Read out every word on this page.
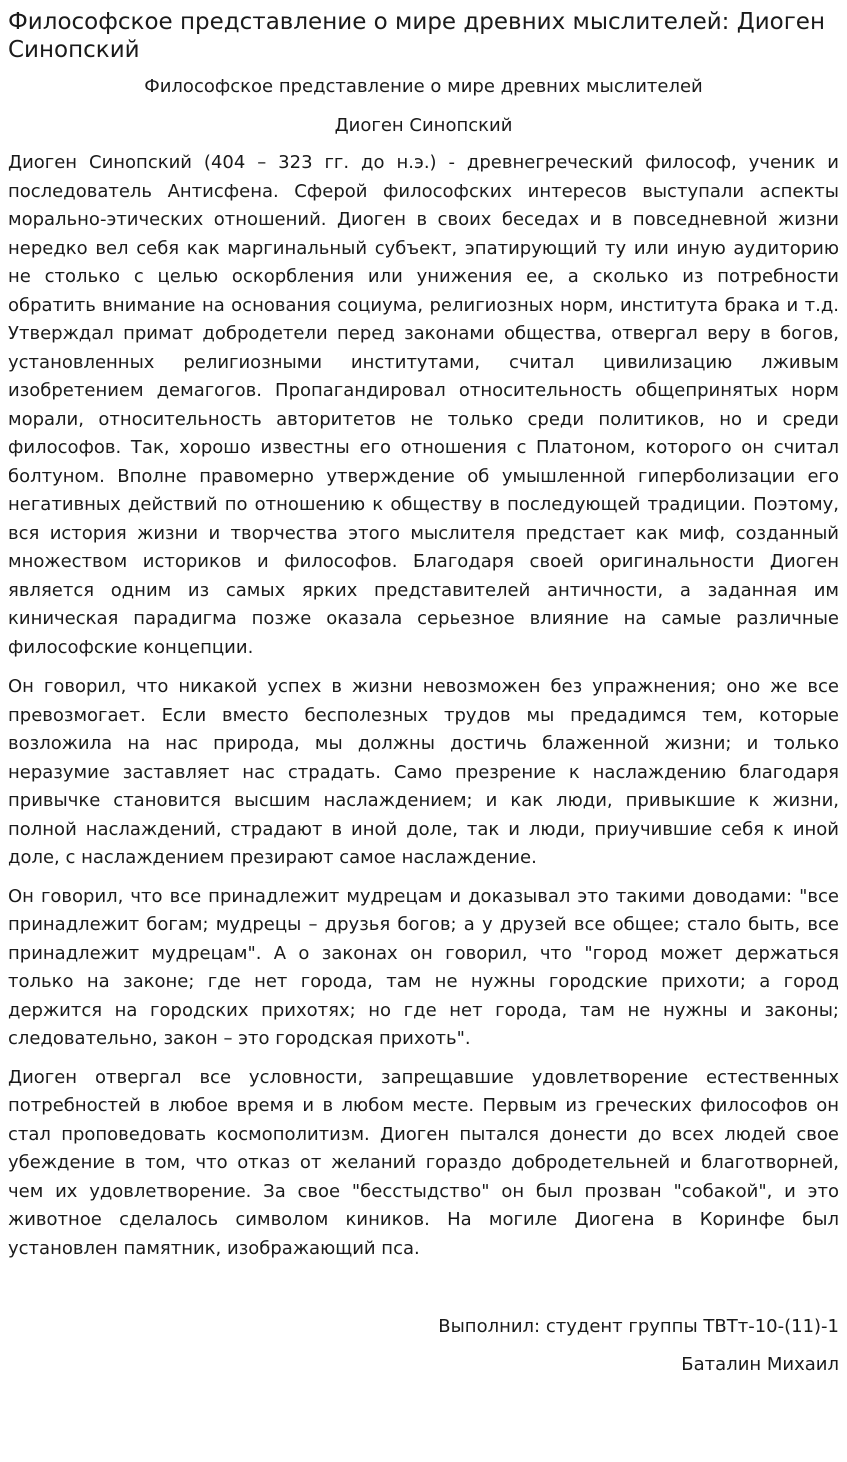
Философское представление о мире древних мыслителей: Диоген Синопский
Философское представление о мире древних мыслителей
Диоген Синопский

Диоген Синопский (404 – 323 гг. до н.э.) - древнегреческий философ, ученик и последователь Антисфена. Сферой философских интересов выступали аспекты морально-этических отношений. Диоген в своих беседах и в повседневной жизни нередко вел себя как маргинальный субъект, эпатирующий ту или иную аудиторию не столько с целью оскорбления или унижения ее, а сколько из потребности обратить внимание на основания социума, религиозных норм, института брака и т.д. Утверждал примат добродетели перед законами общества, отвергал веру в богов, установленных религиозными институтами, считал цивилизацию лживым изобретением демагогов. Пропагандировал относительность общепринятых норм морали, относительность авторитетов не только среди политиков, но и среди философов. Так, хорошо известны его отношения с Платоном, которого он считал болтуном. Вполне правомерно утверждение об умышленной гиперболизации его негативных действий по отношению к обществу в последующей традиции. Поэтому, вся история жизни и творчества этого мыслителя предстает как миф, созданный множеством историков и философов. Благодаря своей оригинальности Диоген является одним из самых ярких представителей античности, а заданная им киническая парадигма позже оказала серьезное влияние на самые различные философские концепции.

Он говорил, что никакой успех в жизни невозможен без упражнения; оно же все превозмогает. Если вместо бесполезных трудов мы предадимся тем, которые возложила на нас природа, мы должны достичь блаженной жизни; и только неразумие заставляет нас страдать. Само презрение к наслаждению благодаря привычке становится высшим наслаждением; и как люди, привыкшие к жизни, полной наслаждений, страдают в иной доле, так и люди, приучившие себя к иной доле, с наслаждением презирают самое наслаждение.

Он говорил, что все принадлежит мудрецам и доказывал это такими доводами: "все принадлежит богам; мудрецы – друзья богов; а у друзей все общее; стало быть, все принадлежит мудрецам". А о законах он говорил, что "город может держаться только на законе; где нет города, там не нужны городские прихоти; а город держится на городских прихотях; но где нет города, там не нужны и законы; следовательно, закон – это городская прихоть".

Диоген отвергал все условности, запрещавшие удовлетворение естественных потребностей в любое время и в любом месте. Первым из греческих философов он стал проповедовать космополитизм. Диоген пытался донести до всех людей свое убеждение в том, что отказ от желаний гораздо добродетельней и благотворней, чем их удовлетворение. За свое "бесстыдство" он был прозван "собакой", и это животное сделалось символом киников. На могиле Диогена в Коринфе был установлен памятник, изображающий пса.

Выполнил: студент группы ТВТт-10-(11)-1
Баталин Михаил
